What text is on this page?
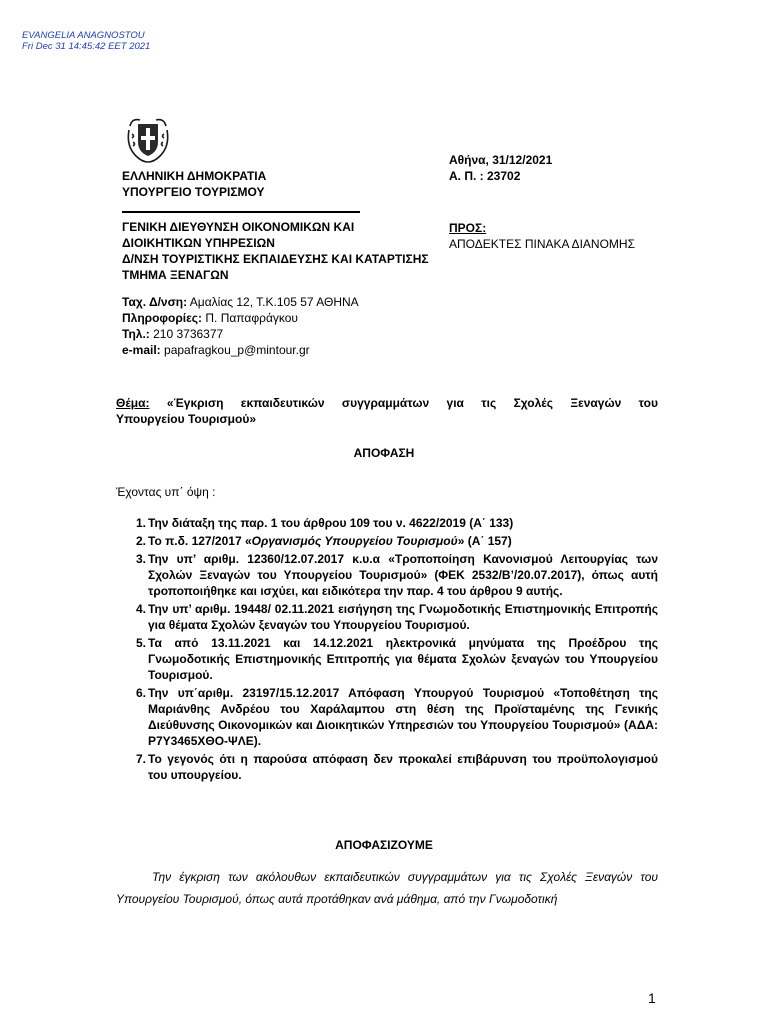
EVANGELIA ANAGNOSTOU
Fri Dec 31 14:45:42 EET 2021
ΕΛΛΗΝΙΚΗ ΔΗΜΟΚΡΑΤΙΑ
ΥΠΟΥΡΓΕΙΟ ΤΟΥΡΙΣΜΟΥ
ΓΕΝΙΚΗ ΔΙΕΥΘΥΝΣΗ ΟΙΚΟΝΟΜΙΚΩΝ ΚΑΙ
ΔΙΟΙΚΗΤΙΚΩΝ ΥΠΗΡΕΣΙΩΝ
Δ/ΝΣΗ ΤΟΥΡΙΣΤΙΚΗΣ ΕΚΠΑΙΔΕΥΣΗΣ ΚΑΙ ΚΑΤΑΡΤΙΣΗΣ
ΤΜΗΜΑ ΞΕΝΑΓΩΝ
Ταχ. Δ/νση: Αμαλίας 12, Τ.Κ.105 57 ΑΘΗΝΑ
Πληροφορίες: Π. Παπαφράγκου
Τηλ.: 210 3736377
e-mail: papafragkou_p@mintour.gr
Αθήνα, 31/12/2021
Α. Π. : 23702
ΠΡΟΣ:
ΑΠΟΔΕΚΤΕΣ ΠΙΝΑΚΑ ΔΙΑΝΟΜΗΣ
Θέμα: «Έγκριση εκπαιδευτικών συγγραμμάτων για τις Σχολές Ξεναγών του
Υπουργείου Τουρισμού»
ΑΠΟΦΑΣΗ
Έχοντας υπ΄ όψη :
1. Την διάταξη της παρ. 1 του άρθρου 109 του ν. 4622/2019 (Α΄ 133)
2. Το π.δ. 127/2017 «Οργανισμός Υπουργείου Τουρισμού» (Α΄ 157)
3. Την υπ’ αριθμ. 12360/12.07.2017 κ.υ.α «Τροποποίηση Κανονισμού Λειτουργίας των Σχολών Ξεναγών του Υπουργείου Τουρισμού» (ΦΕΚ 2532/Β’/20.07.2017), όπως αυτή τροποποιήθηκε και ισχύει, και ειδικότερα την παρ. 4 του άρθρου 9 αυτής.
4. Την υπ’ αριθμ. 19448/ 02.11.2021 εισήγηση της Γνωμοδοτικής Επιστημονικής Επιτροπής για θέματα Σχολών ξεναγών του Υπουργείου Τουρισμού.
5. Τα από 13.11.2021 και 14.12.2021 ηλεκτρονικά μηνύματα της Προέδρου της Γνωμοδοτικής Επιστημονικής Επιτροπής για θέματα Σχολών ξεναγών του Υπουργείου Τουρισμού.
6. Την υπ΄αριθμ. 23197/15.12.2017 Απόφαση Υπουργού Τουρισμού «Τοποθέτηση της Μαριάνθης Ανδρέου του Χαράλαμπου στη θέση της Προϊσταμένης της Γενικής Διεύθυνσης Οικονομικών και Διοικητικών Υπηρεσιών του Υπουργείου Τουρισμού» (ΑΔΑ: Ρ7Υ3465ΧΘΟ-ΨΛΕ).
7. Το γεγονός ότι η παρούσα απόφαση δεν προκαλεί επιβάρυνση του προϋπολογισμού του υπουργείου.
ΑΠΟΦΑΣΙΖΟΥΜΕ
Την έγκριση των ακόλουθων εκπαιδευτικών συγγραμμάτων για τις Σχολές Ξεναγών του Υπουργείου Τουρισμού, όπως αυτά προτάθηκαν ανά μάθημα, από την Γνωμοδοτική
1
